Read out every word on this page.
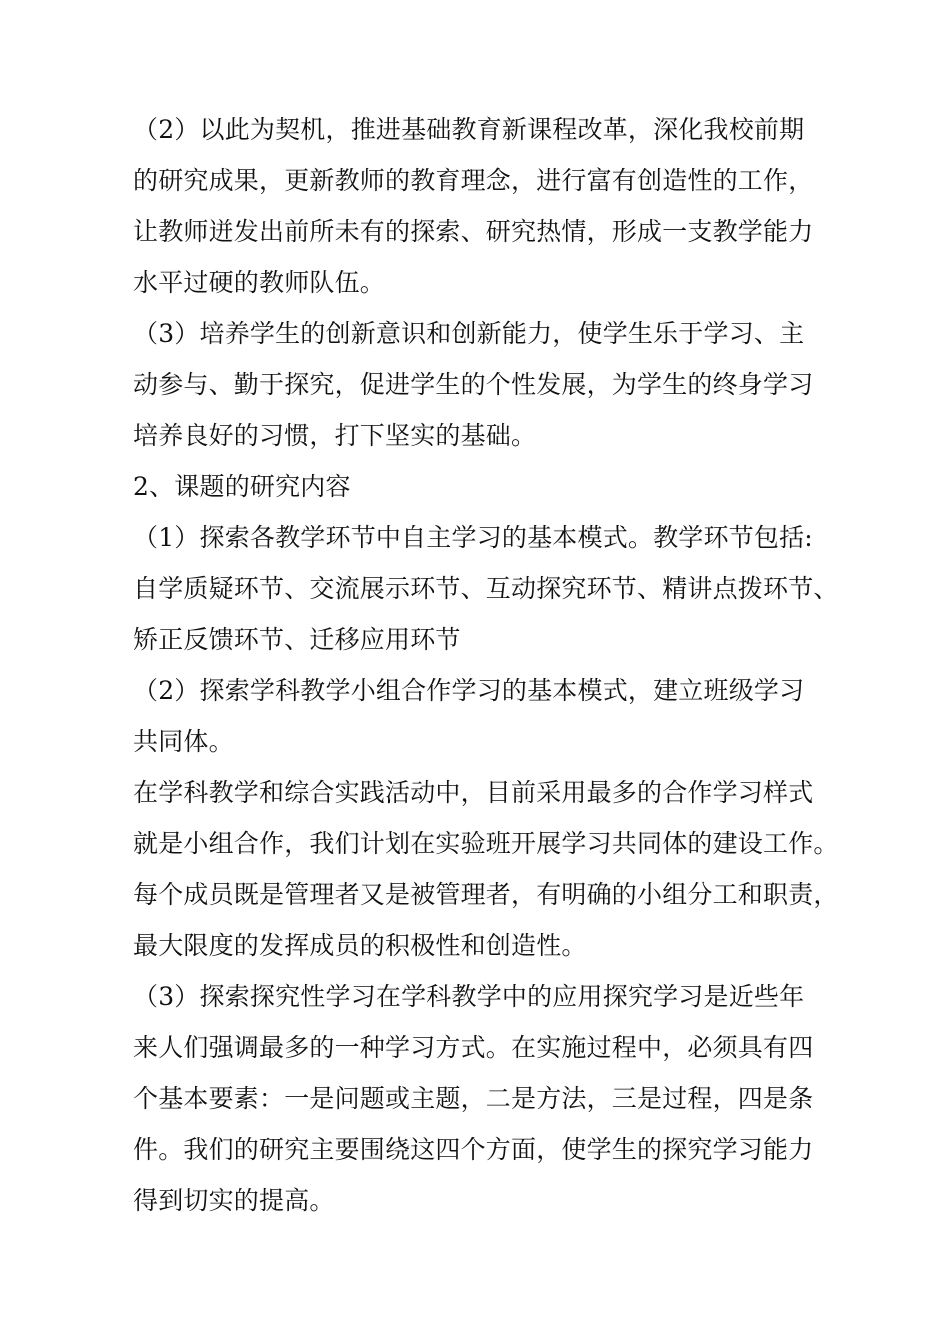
（2）以此为契机，推进基础教育新课程改革，深化我校前期
的研究成果，更新教师的教育理念，进行富有创造性的工作，
让教师迸发出前所未有的探索、研究热情，形成一支教学能力
水平过硬的教师队伍。
（3）培养学生的创新意识和创新能力，使学生乐于学习、主
动参与、勤于探究，促进学生的个性发展，为学生的终身学习
培养良好的习惯，打下坚实的基础。
2、课题的研究内容
（1）探索各教学环节中自主学习的基本模式。教学环节包括:
自学质疑环节、交流展示环节、互动探究环节、精讲点拨环节、
矫正反馈环节、迁移应用环节
（2）探索学科教学小组合作学习的基本模式，建立班级学习
共同体。
在学科教学和综合实践活动中，目前采用最多的合作学习样式
就是小组合作，我们计划在实验班开展学习共同体的建设工作。
每个成员既是管理者又是被管理者，有明确的小组分工和职责，
最大限度的发挥成员的积极性和创造性。
（3）探索探究性学习在学科教学中的应用探究学习是近些年
来人们强调最多的一种学习方式。在实施过程中，必须具有四
个基本要素：一是问题或主题，二是方法，三是过程，四是条
件。我们的研究主要围绕这四个方面，使学生的探究学习能力
得到切实的提高。
